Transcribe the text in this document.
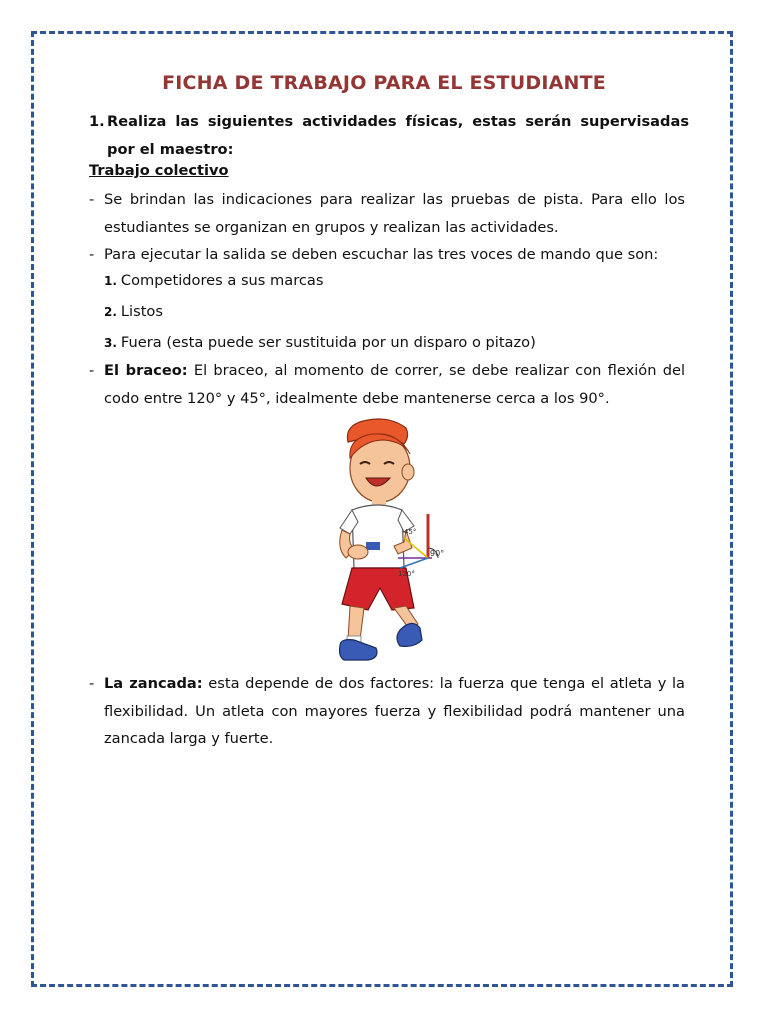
FICHA DE TRABAJO PARA EL ESTUDIANTE
1. Realiza las siguientes actividades físicas, estas serán supervisadas por el maestro:
Trabajo colectivo
- Se brindan las indicaciones para realizar las pruebas de pista. Para ello los estudiantes se organizan en grupos y realizan las actividades.
- Para ejecutar la salida se deben escuchar las tres voces de mando que son:
1. Competidores a sus marcas
2. Listos
3. Fuera (esta puede ser sustituida por un disparo o pitazo)
- El braceo: El braceo, al momento de correr, se debe realizar con flexión del codo entre 120° y 45°, idealmente debe mantenerse cerca a los 90°.
45°
90°
120°
- La zancada: esta depende de dos factores: la fuerza que tenga el atleta y la flexibilidad. Un atleta con mayores fuerza y flexibilidad podrá mantener una zancada larga y fuerte.
